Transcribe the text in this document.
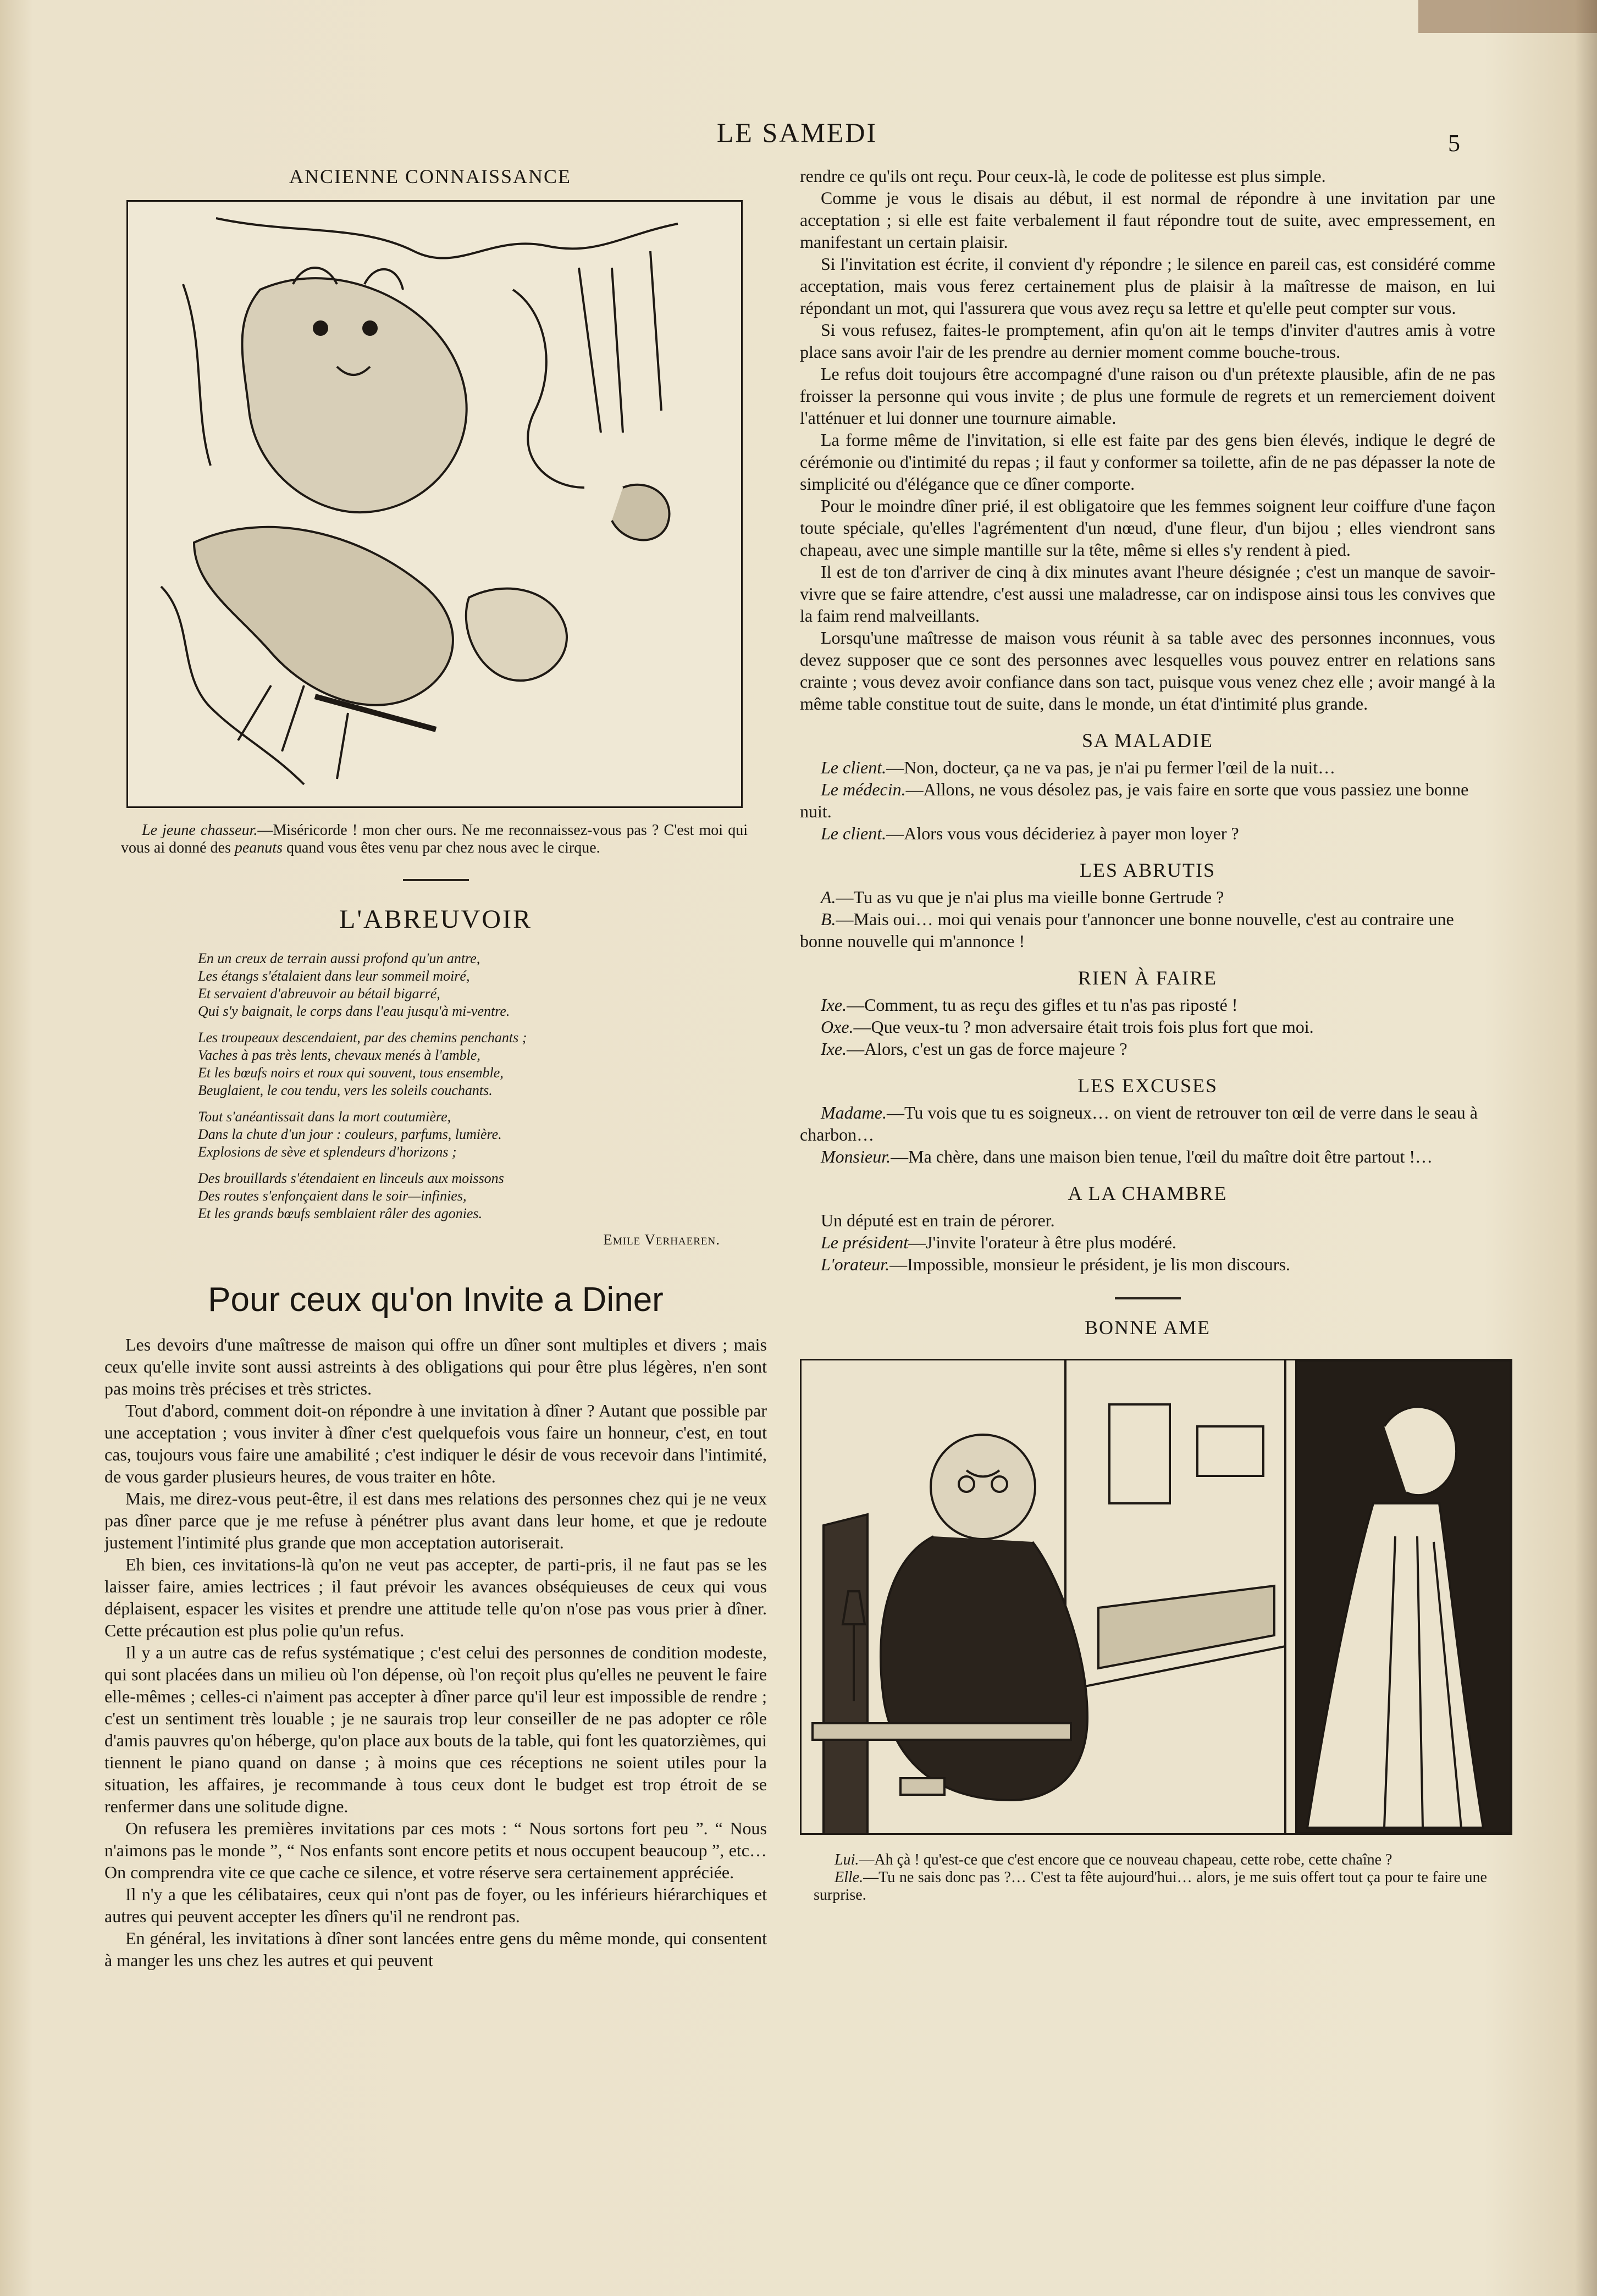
LE SAMEDI	5
ANCIENNE CONNAISSANCE

Le jeune chasseur.—Miséricorde ! mon cher ours. Ne me reconnaissez-vous pas ? C'est moi qui vous ai donné des peanuts quand vous êtes venu par chez nous avec le cirque.

L'ABREUVOIR
En un creux de terrain aussi profond qu'un antre,
Les étangs s'étalaient dans leur sommeil moiré,
Et servaient d'abreuvoir au bétail bigarré,
Qui s'y baignait, le corps dans l'eau jusqu'à mi-ventre.
Les troupeaux descendaient, par des chemins penchants ;
Vaches à pas très lents, chevaux menés à l'amble,
Et les bœufs noirs et roux qui souvent, tous ensemble,
Beuglaient, le cou tendu, vers les soleils couchants.
Tout s'anéantissait dans la mort coutumière,
Dans la chute d'un jour : couleurs, parfums, lumière.
Explosions de sève et splendeurs d'horizons ;
Des brouillards s'étendaient en linceuls aux moissons
Des routes s'enfonçaient dans le soir—infinies,
Et les grands bœufs semblaient râler des agonies.
Emile Verhaeren.
Pour ceux qu'on Invite a Diner

Les devoirs d'une maîtresse de maison qui offre un dîner sont multiples et divers ; mais ceux qu'elle invite sont aussi astreints à des obligations qui pour être plus légères, n'en sont pas moins très précises et très strictes.

Tout d'abord, comment doit-on répondre à une invitation à dîner ? Autant que possible par une acceptation ; vous inviter à dîner c'est quelquefois vous faire un honneur, c'est, en tout cas, toujours vous faire une amabilité ; c'est indiquer le désir de vous recevoir dans l'intimité, de vous garder plusieurs heures, de vous traiter en hôte.

Mais, me direz-vous peut-être, il est dans mes relations des personnes chez qui je ne veux pas dîner parce que je me refuse à pénétrer plus avant dans leur home, et que je redoute justement l'intimité plus grande que mon acceptation autoriserait.

Eh bien, ces invitations-là qu'on ne veut pas accepter, de parti-pris, il ne faut pas se les laisser faire, amies lectrices ; il faut prévoir les avances obséquieuses de ceux qui vous déplaisent, espacer les visites et prendre une attitude telle qu'on n'ose pas vous prier à dîner. Cette précaution est plus polie qu'un refus.

Il y a un autre cas de refus systématique ; c'est celui des personnes de condition modeste, qui sont placées dans un milieu où l'on dépense, où l'on reçoit plus qu'elles ne peuvent le faire elle-mêmes ; celles-ci n'aiment pas accepter à dîner parce qu'il leur est impossible de rendre ; c'est un sentiment très louable ; je ne saurais trop leur conseiller de ne pas adopter ce rôle d'amis pauvres qu'on héberge, qu'on place aux bouts de la table, qui font les quatorzièmes, qui tiennent le piano quand on danse ; à moins que ces réceptions ne soient utiles pour la situation, les affaires, je recommande à tous ceux dont le budget est trop étroit de se renfermer dans une solitude digne.

On refusera les premières invitations par ces mots : “ Nous sortons fort peu ”. “ Nous n'aimons pas le monde ”, “ Nos enfants sont encore petits et nous occupent beaucoup ”, etc… On comprendra vite ce que cache ce silence, et votre réserve sera certainement appréciée.

Il n'y a que les célibataires, ceux qui n'ont pas de foyer, ou les inférieurs hiérarchiques et autres qui peuvent accepter les dîners qu'il ne rendront pas.

En général, les invitations à dîner sont lancées entre gens du même monde, qui consentent à manger les uns chez les autres et qui peuvent

rendre ce qu'ils ont reçu. Pour ceux-là, le code de politesse est plus simple.

Comme je vous le disais au début, il est normal de répondre à une invitation par une acceptation ; si elle est faite verbalement il faut répondre tout de suite, avec empressement, en manifestant un certain plaisir.

Si l'invitation est écrite, il convient d'y répondre ; le silence en pareil cas, est considéré comme acceptation, mais vous ferez certainement plus de plaisir à la maîtresse de maison, en lui répondant un mot, qui l'assurera que vous avez reçu sa lettre et qu'elle peut compter sur vous.

Si vous refusez, faites-le promptement, afin qu'on ait le temps d'inviter d'autres amis à votre place sans avoir l'air de les prendre au dernier moment comme bouche-trous.

Le refus doit toujours être accompagné d'une raison ou d'un prétexte plausible, afin de ne pas froisser la personne qui vous invite ; de plus une formule de regrets et un remerciement doivent l'atténuer et lui donner une tournure aimable.

La forme même de l'invitation, si elle est faite par des gens bien élevés, indique le degré de cérémonie ou d'intimité du repas ; il faut y conformer sa toilette, afin de ne pas dépasser la note de simplicité ou d'élégance que ce dîner comporte.

Pour le moindre dîner prié, il est obligatoire que les femmes soignent leur coiffure d'une façon toute spéciale, qu'elles l'agrémentent d'un nœud, d'une fleur, d'un bijou ; elles viendront sans chapeau, avec une simple mantille sur la tête, même si elles s'y rendent à pied.

Il est de ton d'arriver de cinq à dix minutes avant l'heure désignée ; c'est un manque de savoir-vivre que se faire attendre, c'est aussi une maladresse, car on indispose ainsi tous les convives que la faim rend malveillants.

Lorsqu'une maîtresse de maison vous réunit à sa table avec des personnes inconnues, vous devez supposer que ce sont des personnes avec lesquelles vous pouvez entrer en relations sans crainte ; vous devez avoir confiance dans son tact, puisque vous venez chez elle ; avoir mangé à la même table constitue tout de suite, dans le monde, un état d'intimité plus grande.

SA MALADIE

Le client.—Non, docteur, ça ne va pas, je n'ai pu fermer l'œil de la nuit…

Le médecin.—Allons, ne vous désolez pas, je vais faire en sorte que vous passiez une bonne nuit.

Le client.—Alors vous vous décideriez à payer mon loyer ?

LES ABRUTIS

A.—Tu as vu que je n'ai plus ma vieille bonne Gertrude ?

B.—Mais oui… moi qui venais pour t'annoncer une bonne nouvelle, c'est au contraire une bonne nouvelle qui m'annonce !

RIEN À FAIRE

Ixe.—Comment, tu as reçu des gifles et tu n'as pas riposté !

Oxe.—Que veux-tu ? mon adversaire était trois fois plus fort que moi.

Ixe.—Alors, c'est un gas de force majeure ?

LES EXCUSES

Madame.—Tu vois que tu es soigneux… on vient de retrouver ton œil de verre dans le seau à charbon…

Monsieur.—Ma chère, dans une maison bien tenue, l'œil du maître doit être partout !…

A LA CHAMBRE

Un député est en train de pérorer.

Le président—J'invite l'orateur à être plus modéré.

L'orateur.—Impossible, monsieur le président, je lis mon discours.

BONNE AME

Lui.—Ah çà ! qu'est-ce que c'est encore que ce nouveau chapeau, cette robe, cette chaîne ?

Elle.—Tu ne sais donc pas ?… C'est ta fête aujourd'hui… alors, je me suis offert tout ça pour te faire une surprise.
